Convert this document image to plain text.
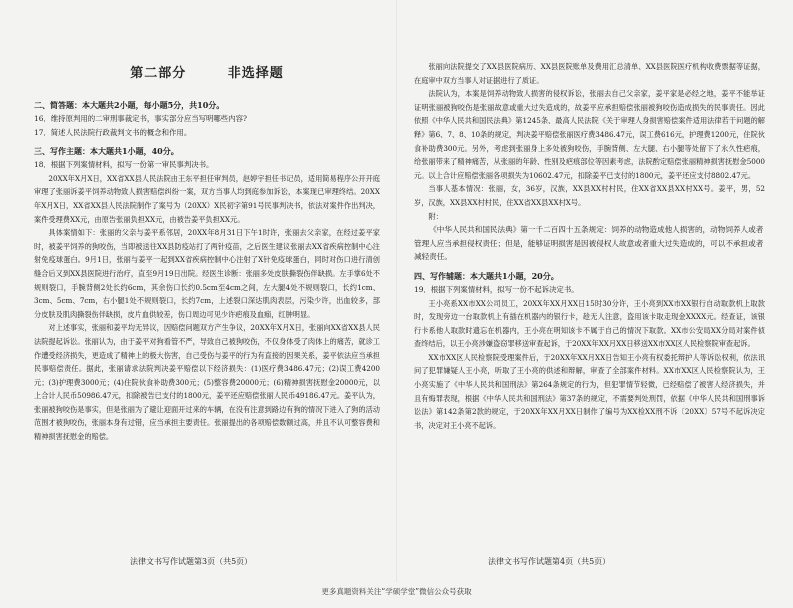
第二部分	非选择题

二、简答题：本大题共2小题，每小题5分，共10分。

16．维持原判用的二审刑事裁定书，事实部分应当写明哪些内容?

17．简述人民法院行政裁判文书的概念和作用。

三、写作主题：本大题共1小题，40分。

18．根据下列案情材料，拟写一份第一审民事判决书。

20XX年X月X日，XX省XX县人民法院由王东平担任审判员，赵婷宇担任书记员，适用简易程序公开开庭审理了张丽诉姜平饲养动物致人损害赔偿纠纷一案，双方当事人均到庭参加诉讼，本案现已审理终结。20XX年X月X日，XX省XX县人民法院制作了案号为（20XX）X民初字第91号民事判决书，依法对案件作出判决，案件受理费XX元，由原告张丽负担XX元，由被告姜平负担XX元。

具体案情如下：张丽的父亲与姜平系邻居，20XX年8月31日下午1时许，张丽去父亲家，在经过姜平家时，被姜平饲养的狗咬伤，当即被送往XX县防疫站打了两针疫苗，之后医生建议张丽去XX省疾病控制中心注射免疫球蛋白。9月1日，张丽与姜平一起到XX省疾病控制中心注射了X针免疫球蛋白，同时对伤口进行清创缝合后又到XX县医院进行治疗，直至9月19日出院。经医生诊断：张丽多处皮肤撕裂伤伴缺损。左手掌6处不规则裂口，手腕背侧2处长约6cm，其余伤口长约0.5cm至4cm之间，左大腿4处不规则裂口，长约1cm、3cm、5cm、7cm，右小腿1处不规则裂口，长约7cm，上述裂口深达肌肉表层，污染少许，出血较多，部分皮肤及肌肉撕裂伤伴缺损，皮片血供较差，伤口周边可见少许疤痕及血痂，红肿明显。

对上述事实，张丽和姜平均无异议，因赔偿问题双方产生争议，20XX年X月X日，张丽向XX省XX县人民法院提起诉讼。张丽认为，由于姜平对狗看管不严，导致自己被狗咬伤，不仅身体受了肉体上的痛苦，就诊工作遭受经济损失，更造成了精神上的极大伤害，自己受伤与姜平的行为有直接的因果关系，姜平依法应当承担民事赔偿责任。据此，张丽请求法院判决姜平赔偿以下经济损失：(1)医疗费3486.47元；(2)误工费4200元；(3)护理费3000元；(4)住院伙食补助费300元；(5)整容费20000元；(6)精神损害抚慰金20000元，以上合计人民币50986.47元，扣除被告已支付的1800元，姜平还应赔偿张丽人民币49186.47元。姜平认为，张丽被狗咬伤是事实，但是张丽为了避让迎面开过来的车辆，在没有注意到路边有狗的情况下进入了狗的活动范围才被狗咬伤，张丽本身有过错，应当承担主要责任。张丽提出的各项赔偿数额过高，并且不认可整容费和精神损害抚慰金的赔偿。

张丽向法院提交了XX县医院病历、XX县医院账单及费用汇总清单、XX县医院医疗机构收费票据等证据，在庭审中双方当事人对证据进行了质证。

法院认为，本案是饲养动物致人损害的侵权诉讼，张丽去自己父亲家，姜平家是必经之地，姜平不能举证证明张丽被狗咬伤是张丽故意或重大过失造成的，故姜平应承担赔偿张丽被狗咬伤造成损失的民事责任。因此依照《中华人民共和国民法典》第1245条、最高人民法院《关于审理人身损害赔偿案件适用法律若干问题的解释》第6、7、8、10条的规定，判决姜平赔偿张丽医疗费3486.47元，误工费616元，护理费1200元，住院伙食补助费300元。另外，考虑到张丽身上多处被狗咬伤，手腕背侧、左大腿、右小腿等处留下了永久性疤痕，给张丽带来了精神痛苦，从张丽的年龄、性别及疤痕部位等因素考虑，法院酌定赔偿张丽精神损害抚慰金5000元。以上合计应赔偿张丽各项损失为10602.47元，扣除姜平已支付的1800元，姜平还应支付8802.47元。

当事人基本情况：张丽，女，36岁，汉族，XX县XX村村民，住XX省XX县XX村XX号。姜平，男，52岁，汉族，XX县XX村村民，住XX省XX县XX村X号。

附：

《中华人民共和国民法典》第一千二百四十五条规定：饲养的动物造成他人损害的，动物饲养人或者管理人应当承担侵权责任；但是，能够证明损害是因被侵权人故意或者重大过失造成的，可以不承担或者减轻责任。

四、写作辅题：本大题共1小题，20分。

19．根据下列案情材料，拟写一份不起诉决定书。

王小亮系XX市XX公司员工，20XX年XX月XX日15时30分许，王小亮到XX市XX银行自动取款机上取款时，发现旁边一台取款机上有插在机器内的银行卡，趁无人注意，盗用该卡取走现金XXXX元。经查证，该银行卡系他人取款时遗忘在机器内，王小亮在明知该卡不属于自己的情况下取款。XX市公安局XX分局对案件侦查终结后，以王小亮涉嫌盗窃罪移送审查起诉，于20XX年XX月XX日移送XX市XX区人民检察院审查起诉。

XX市XX区人民检察院受理案件后，于20XX年XX月XX日告知王小亮有权委托辩护人等诉讼权利，依法讯问了犯罪嫌疑人王小亮，听取了王小亮的供述和辩解，审查了全部案件材料。XX市XX区人民检察院认为，王小亮实施了《中华人民共和国刑法》第264条规定的行为，但犯罪情节轻微，已经赔偿了被害人经济损失，并且有悔罪表现，根据《中华人民共和国刑法》第37条的规定，不需要判处刑罚，依据《中华人民共和国刑事诉讼法》第142条第2款的规定，于20XX年XX月XX日制作了编号为XX检XX刑不诉〔20XX〕57号不起诉决定书，决定对王小亮不起诉。

法律文书写作试题第3页（共5页）	法律文书写作试题第4页（共5页）
更多真题资料关注“学硕学堂”微信公众号获取
